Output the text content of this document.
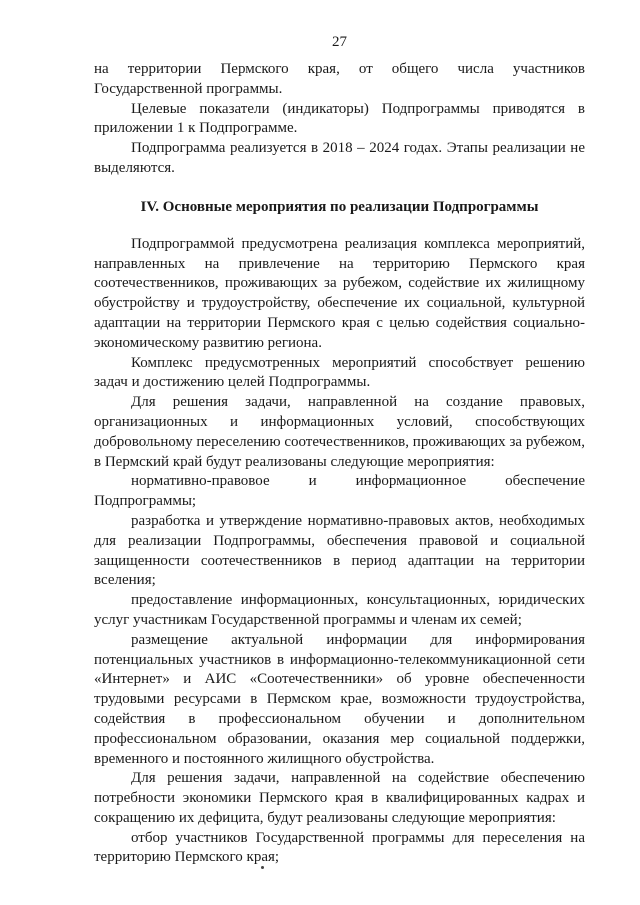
27

на территории Пермского края, от общего числа участников Государственной программы.

Целевые показатели (индикаторы) Подпрограммы приводятся в приложении 1 к Подпрограмме.

Подпрограмма реализуется в 2018 – 2024 годах. Этапы реализации не выделяются.

IV. Основные мероприятия по реализации Подпрограммы

Подпрограммой предусмотрена реализация комплекса мероприятий, направленных на привлечение на территорию Пермского края соотечественников, проживающих за рубежом, содействие их жилищному обустройству и трудоустройству, обеспечение их социальной, культурной адаптации на территории Пермского края с целью содействия социально-экономическому развитию региона.

Комплекс предусмотренных мероприятий способствует решению задач и достижению целей Подпрограммы.

Для решения задачи, направленной на создание правовых, организационных и информационных условий, способствующих добровольному переселению соотечественников, проживающих за рубежом, в Пермский край будут реализованы следующие мероприятия:

нормативно-правовое и информационное обеспечение Подпрограммы;

разработка и утверждение нормативно-правовых актов, необходимых для реализации Подпрограммы, обеспечения правовой и социальной защищенности соотечественников в период адаптации на территории вселения;

предоставление информационных, консультационных, юридических услуг участникам Государственной программы и членам их семей;

размещение актуальной информации для информирования потенциальных участников в информационно-телекоммуникационной сети «Интернет» и АИС «Соотечественники» об уровне обеспеченности трудовыми ресурсами в Пермском крае, возможности трудоустройства, содействия в профессиональном обучении и дополнительном профессиональном образовании, оказания мер социальной поддержки, временного и постоянного жилищного обустройства.

Для решения задачи, направленной на содействие обеспечению потребности экономики Пермского края в квалифицированных кадрах и сокращению их дефицита, будут реализованы следующие мероприятия:

отбор участников Государственной программы для переселения на территорию Пермского края;
